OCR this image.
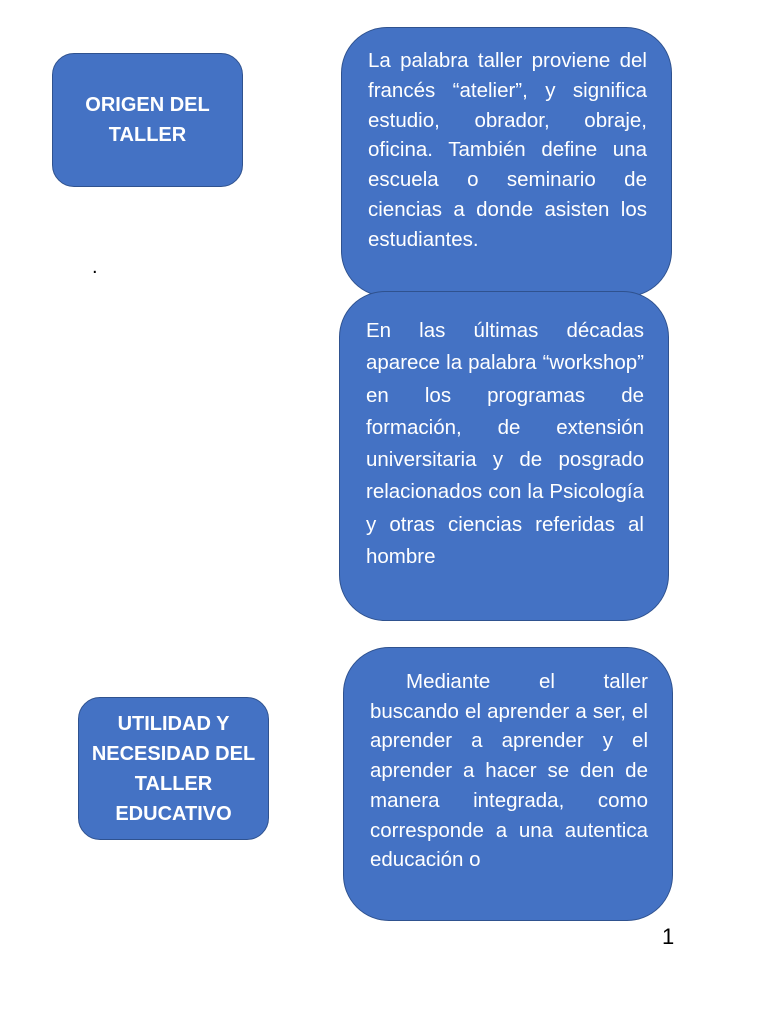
ORIGEN DEL TALLER

La palabra taller proviene del francés “atelier”, y significa estudio, obrador, obraje, oficina. También define una escuela o seminario de ciencias a donde asisten los estudiantes.

.

En las últimas décadas aparece la palabra “workshop” en los programas de formación, de extensión universitaria y de posgrado relacionados con la Psicología y otras ciencias referidas al hombre

UTILIDAD Y NECESIDAD DEL TALLER EDUCATIVO

Mediante el taller buscando el aprender a ser, el aprender a aprender y el aprender a hacer se den de manera integrada, como corresponde a una autentica educación o

1
